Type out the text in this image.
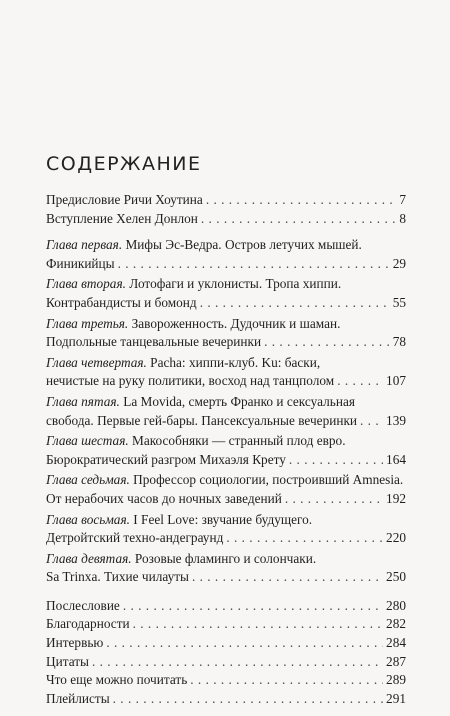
СОДЕРЖАНИЕ
Предисловие Ричи Хоутина . . .	7
Вступление Хелен Донлон . . .	8
Глава первая. Мифы Эс-Ведра. Остров летучих мышей.
Финикийцы . . .	29
Глава вторая. Лотофаги и уклонисты. Тропа хиппи.
Контрабандисты и бомонд . . .	55
Глава третья. Завороженность. Дудочник и шаман.
Подпольные танцевальные вечеринки . . .	78
Глава четвертая. Pacha: хиппи-клуб. Ku: баски,
нечистые на руку политики, восход над танцполом . . .	107
Глава пятая. La Movida, смерть Франко и сексуальная
свобода. Первые гей-бары. Пансексуальные вечеринки . . . 139
Глава шестая. Макособняки — странный плод евро.
Бюрократический разгром Михаэля Крету . . .	164
Глава седьмая. Профессор социологии, построивший Amnesia.
От нерабочих часов до ночных заведений . . .	192
Глава восьмая. I Feel Love: звучание будущего.
Детройтский техно-андеграунд . . .	220
Глава девятая. Розовые фламинго и солончаки.
Sa Trinxa. Тихие чилауты . . .	250
Послесловие . . .	280
Благодарности . . .	282
Интервью . . .	284
Цитаты . . .	287
Что еще можно почитать . . .	289
Плейлисты . . .	291
